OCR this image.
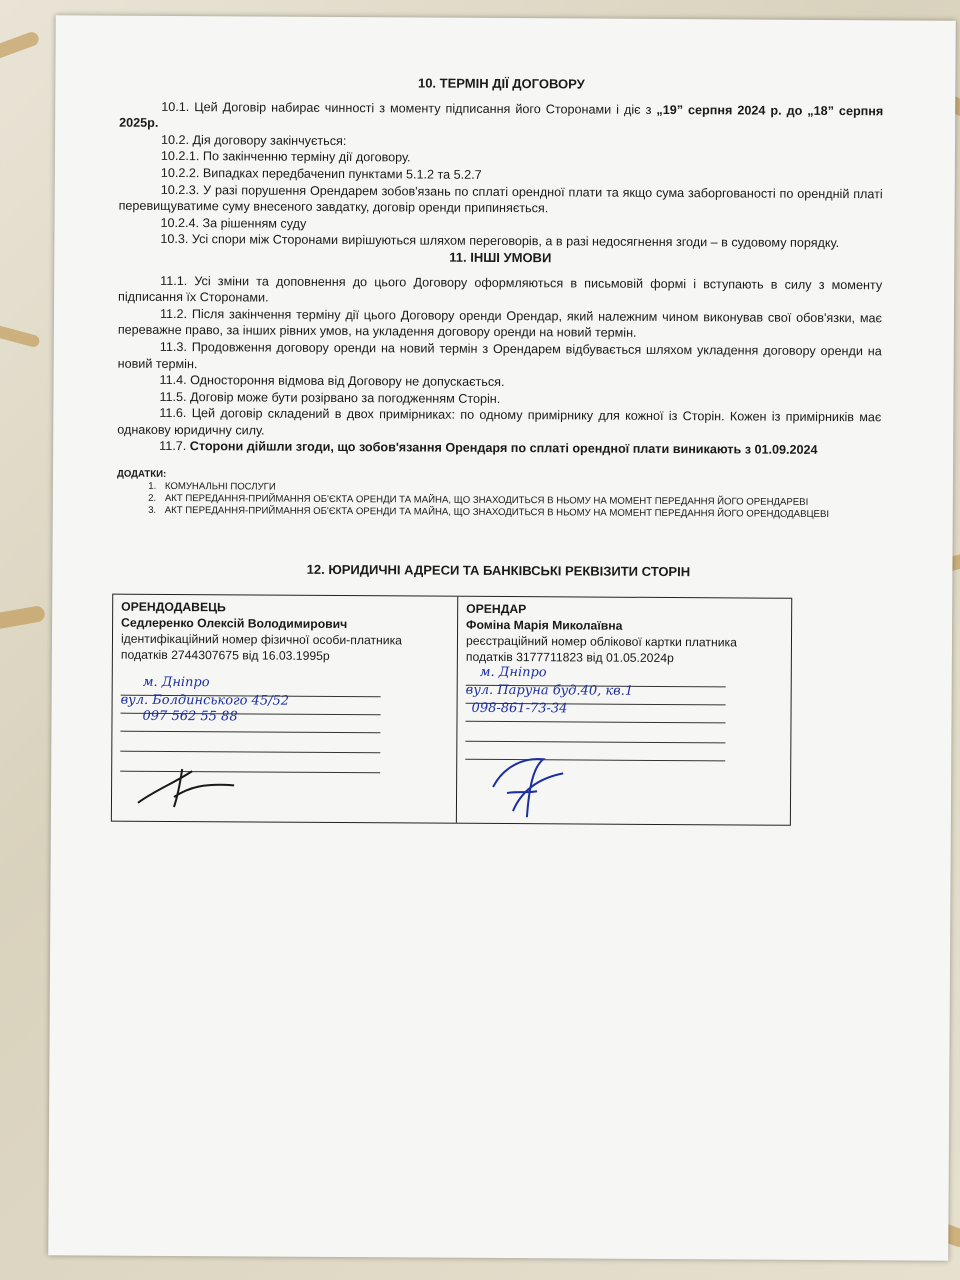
10. ТЕРМІН ДІЇ ДОГОВОРУ

10.1. Цей Договір набирає чинності з моменту підписання його Сторонами і діє з „19” серпня 2024 р. до „18” серпня 2025р.

10.2. Дія договору закінчується:

10.2.1. По закінченню терміну дії договору.

10.2.2. Випадках передбаченип пунктами 5.1.2 та 5.2.7

10.2.3. У разі порушення Орендарем зобов'язань по сплаті орендної плати та якщо сума заборгованості по орендній платі перевищуватиме суму внесеного завдатку, договір оренди припиняється.

10.2.4. За рішенням суду

10.3. Усі спори між Сторонами вирішуються шляхом переговорів, а в разі недосягнення згоди – в судовому порядку.

11. ІНШІ УМОВИ

11.1. Усі зміни та доповнення до цього Договору оформляються в письмовій формі і вступають в силу з моменту підписання їх Сторонами.

11.2. Після закінчення терміну дії цього Договору оренди Орендар, який належним чином виконував свої обов'язки, має переважне право, за інших рівних умов, на укладення договору оренди на новий термін.

11.3. Продовження договору оренди на новий термін з Орендарем відбувається шляхом укладення договору оренди на новий термін.

11.4. Одностороння відмова від Договору не допускається.

11.5. Договір може бути розірвано за погодженням Сторін.

11.6. Цей договір складений в двох примірниках: по одному примірнику для кожної із Сторін. Кожен із примірників має однакову юридичну силу.

11.7. Сторони дійшли згоди, що зобов'язання Орендаря по сплаті орендної плати виникають з 01.09.2024

ДОДАТКИ:
1. КОМУНАЛЬНІ ПОСЛУГИ
2. АКТ ПЕРЕДАННЯ-ПРИЙМАННЯ ОБ'ЄКТА ОРЕНДИ ТА МАЙНА, ЩО ЗНАХОДИТЬСЯ В НЬОМУ НА МОМЕНТ ПЕРЕДАННЯ ЙОГО ОРЕНДАРЕВІ
3. АКТ ПЕРЕДАННЯ-ПРИЙМАННЯ ОБ'ЄКТА ОРЕНДИ ТА МАЙНА, ЩО ЗНАХОДИТЬСЯ В НЬОМУ НА МОМЕНТ ПЕРЕДАННЯ ЙОГО ОРЕНДОДАВЦЕВІ

12. ЮРИДИЧНІ АДРЕСИ ТА БАНКІВСЬКІ РЕКВІЗИТИ СТОРІН

ОРЕНДОДАВЕЦЬ
Седлеренко Олексій Володимирович
ідентифікаційний номер фізичної особи-платника
податків 2744307675 від 16.03.1995р
м. Дніпро
вул. Болдинського 45/52
097 562 55 88
ОРЕНДАР
Фоміна Марія Миколаївна
реєстраційний номер облікової картки платника
податків 3177711823 від 01.05.2024р
м. Дніпро
вул. Паруна буд.40, кв.1
098-861-73-34
